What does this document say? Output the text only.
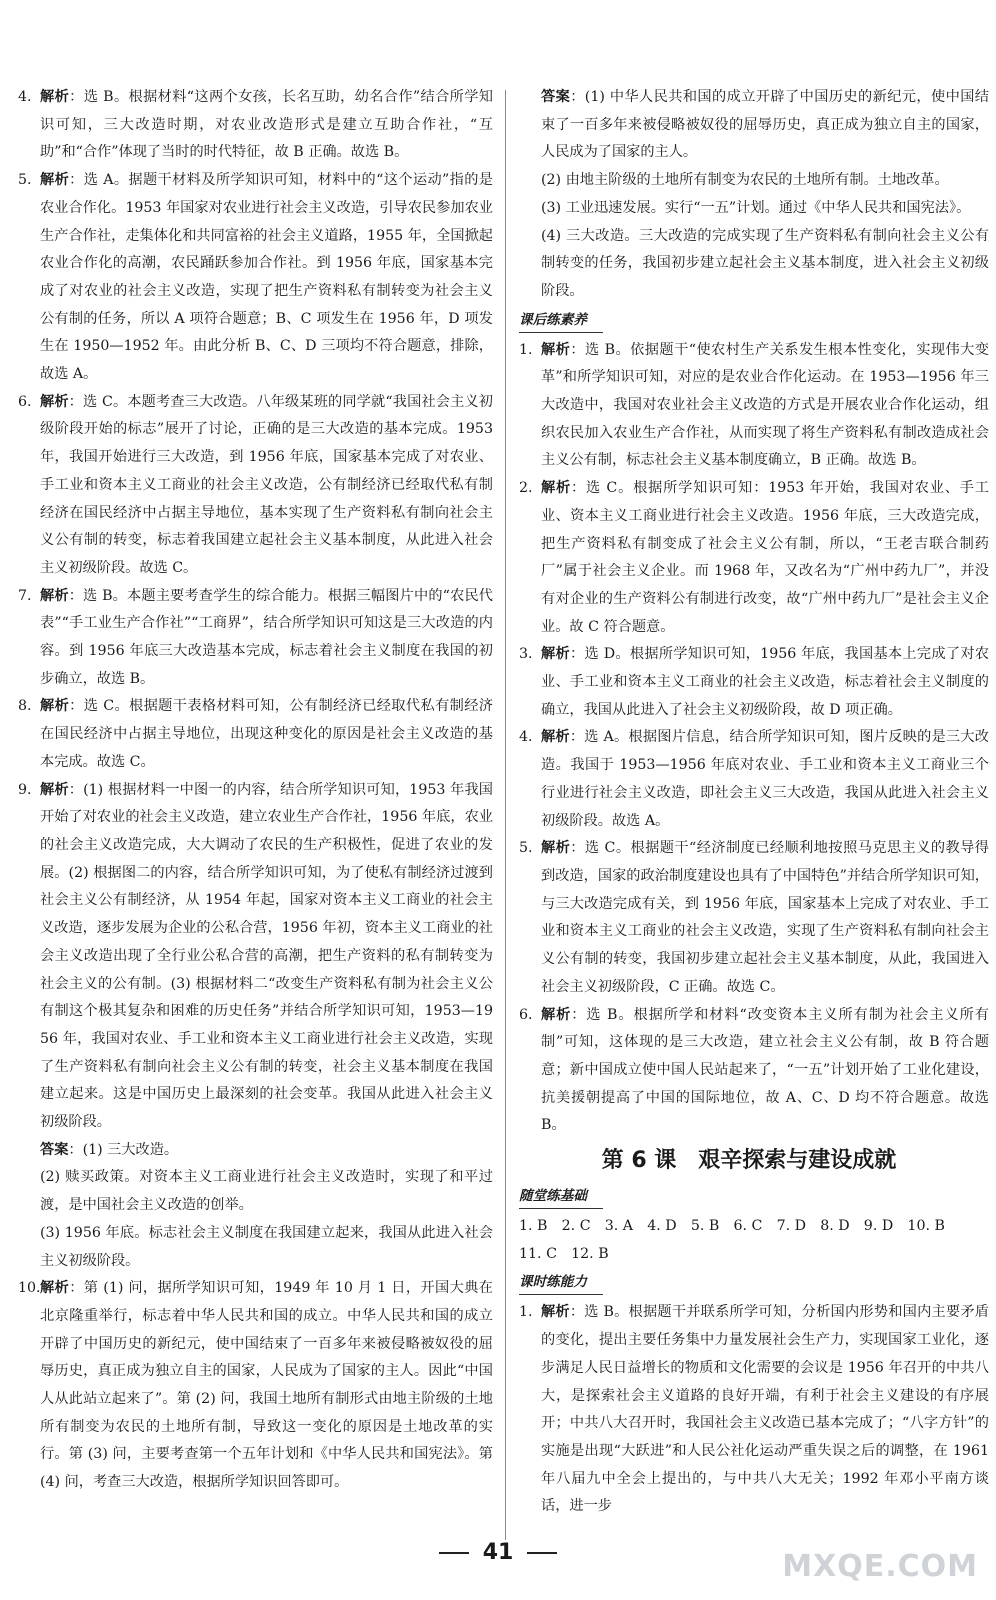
4. 解析：选 B。根据材料“这两个女孩，长名互助，幼名合作”结合所学知识可知，三大改造时期，对农业改造形式是建立互助合作社，“互助”和“合作”体现了当时的时代特征，故 B 正确。故选 B。
5. 解析：选 A。据题干材料及所学知识可知，材料中的“这个运动”指的是农业合作化。1953 年国家对农业进行社会主义改造，引导农民参加农业生产合作社，走集体化和共同富裕的社会主义道路，1955 年，全国掀起农业合作化的高潮，农民踊跃参加合作社。到 1956 年底，国家基本完成了对农业的社会主义改造，实现了把生产资料私有制转变为社会主义公有制的任务，所以 A 项符合题意；B、C 项发生在 1956 年，D 项发生在 1950—1952 年。由此分析 B、C、D 三项均不符合题意，排除，故选 A。
6. 解析：选 C。本题考查三大改造。八年级某班的同学就“我国社会主义初级阶段开始的标志”展开了讨论，正确的是三大改造的基本完成。1953 年，我国开始进行三大改造，到 1956 年底，国家基本完成了对农业、手工业和资本主义工商业的社会主义改造，公有制经济已经取代私有制经济在国民经济中占据主导地位，基本实现了生产资料私有制向社会主义公有制的转变，标志着我国建立起社会主义基本制度，从此进入社会主义初级阶段。故选 C。
7. 解析：选 B。本题主要考查学生的综合能力。根据三幅图片中的“农民代表”“手工业生产合作社”“工商界”，结合所学知识可知这是三大改造的内容。到 1956 年底三大改造基本完成，标志着社会主义制度在我国的初步确立，故选 B。
8. 解析：选 C。根据题干表格材料可知，公有制经济已经取代私有制经济在国民经济中占据主导地位，出现这种变化的原因是社会主义改造的基本完成。故选 C。
9. 解析：(1) 根据材料一中图一的内容，结合所学知识可知，1953 年我国开始了对农业的社会主义改造，建立农业生产合作社，1956 年底，农业的社会主义改造完成，大大调动了农民的生产积极性，促进了农业的发展。(2) 根据图二的内容，结合所学知识可知，为了使私有制经济过渡到社会主义公有制经济，从 1954 年起，国家对资本主义工商业的社会主义改造，逐步发展为企业的公私合营，1956 年初，资本主义工商业的社会主义改造出现了全行业公私合营的高潮，把生产资料的私有制转变为社会主义的公有制。(3) 根据材料二“改变生产资料私有制为社会主义公有制这个极其复杂和困难的历史任务”并结合所学知识可知，1953—1956 年，我国对农业、手工业和资本主义工商业进行社会主义改造，实现了生产资料私有制向社会主义公有制的转变，社会主义基本制度在我国建立起来。这是中国历史上最深刻的社会变革。我国从此进入社会主义初级阶段。
答案：(1) 三大改造。
(2) 赎买政策。对资本主义工商业进行社会主义改造时，实现了和平过渡，是中国社会主义改造的创举。
(3) 1956 年底。标志社会主义制度在我国建立起来，我国从此进入社会主义初级阶段。
10. 解析：第 (1) 问，据所学知识可知，1949 年 10 月 1 日，开国大典在北京隆重举行，标志着中华人民共和国的成立。中华人民共和国的成立开辟了中国历史的新纪元，使中国结束了一百多年来被侵略被奴役的屈辱历史，真正成为独立自主的国家，人民成为了国家的主人。因此“中国人从此站立起来了”。第 (2) 问，我国土地所有制形式由地主阶级的土地所有制变为农民的土地所有制，导致这一变化的原因是土地改革的实行。第 (3) 问，主要考查第一个五年计划和《中华人民共和国宪法》。第 (4) 问，考查三大改造，根据所学知识回答即可。
答案：(1) 中华人民共和国的成立开辟了中国历史的新纪元，使中国结束了一百多年来被侵略被奴役的屈辱历史，真正成为独立自主的国家，人民成为了国家的主人。
(2) 由地主阶级的土地所有制变为农民的土地所有制。土地改革。
(3) 工业迅速发展。实行“一五”计划。通过《中华人民共和国宪法》。
(4) 三大改造。三大改造的完成实现了生产资料私有制向社会主义公有制转变的任务，我国初步建立起社会主义基本制度，进入社会主义初级阶段。
课后练素养
1. 解析：选 B。依据题干“使农村生产关系发生根本性变化，实现伟大变革”和所学知识可知，对应的是农业合作化运动。在 1953—1956 年三大改造中，我国对农业社会主义改造的方式是开展农业合作化运动，组织农民加入农业生产合作社，从而实现了将生产资料私有制改造成社会主义公有制，标志社会主义基本制度确立，B 正确。故选 B。
2. 解析：选 C。根据所学知识可知：1953 年开始，我国对农业、手工业、资本主义工商业进行社会主义改造。1956 年底，三大改造完成，把生产资料私有制变成了社会主义公有制，所以，“王老吉联合制药厂”属于社会主义企业。而 1968 年，又改名为“广州中药九厂”，并没有对企业的生产资料公有制进行改变，故“广州中药九厂”是社会主义企业。故 C 符合题意。
3. 解析：选 D。根据所学知识可知，1956 年底，我国基本上完成了对农业、手工业和资本主义工商业的社会主义改造，标志着社会主义制度的确立，我国从此进入了社会主义初级阶段，故 D 项正确。
4. 解析：选 A。根据图片信息，结合所学知识可知，图片反映的是三大改造。我国于 1953—1956 年底对农业、手工业和资本主义工商业三个行业进行社会主义改造，即社会主义三大改造，我国从此进入社会主义初级阶段。故选 A。
5. 解析：选 C。根据题干“经济制度已经顺利地按照马克思主义的教导得到改造，国家的政治制度建设也具有了中国特色”并结合所学知识可知，与三大改造完成有关，到 1956 年底，国家基本上完成了对农业、手工业和资本主义工商业的社会主义改造，实现了生产资料私有制向社会主义公有制的转变，我国初步建立起社会主义基本制度，从此，我国进入社会主义初级阶段，C 正确。故选 C。
6. 解析：选 B。根据所学和材料“改变资本主义所有制为社会主义所有制”可知，这体现的是三大改造，建立社会主义公有制，故 B 符合题意；新中国成立使中国人民站起来了，“一五”计划开始了工业化建设，抗美援朝提高了中国的国际地位，故 A、C、D 均不符合题意。故选 B。
第 6 课　艰辛探索与建设成就
随堂练基础
1. B　2. C　3. A　4. D　5. B　6. C　7. D　8. D　9. D　10. B
11. C　12. B
课时练能力
1. 解析：选 B。根据题干并联系所学可知，分析国内形势和国内主要矛盾的变化，提出主要任务集中力量发展社会生产力，实现国家工业化，逐步满足人民日益增长的物质和文化需要的会议是 1956 年召开的中共八大，是探索社会主义道路的良好开端，有利于社会主义建设的有序展开；中共八大召开时，我国社会主义改造已基本完成了；“八字方针”的实施是出现“大跃进”和人民公社化运动严重失误之后的调整，在 1961 年八届九中全会上提出的，与中共八大无关；1992 年邓小平南方谈话，进一步
41	MXQE.COM
